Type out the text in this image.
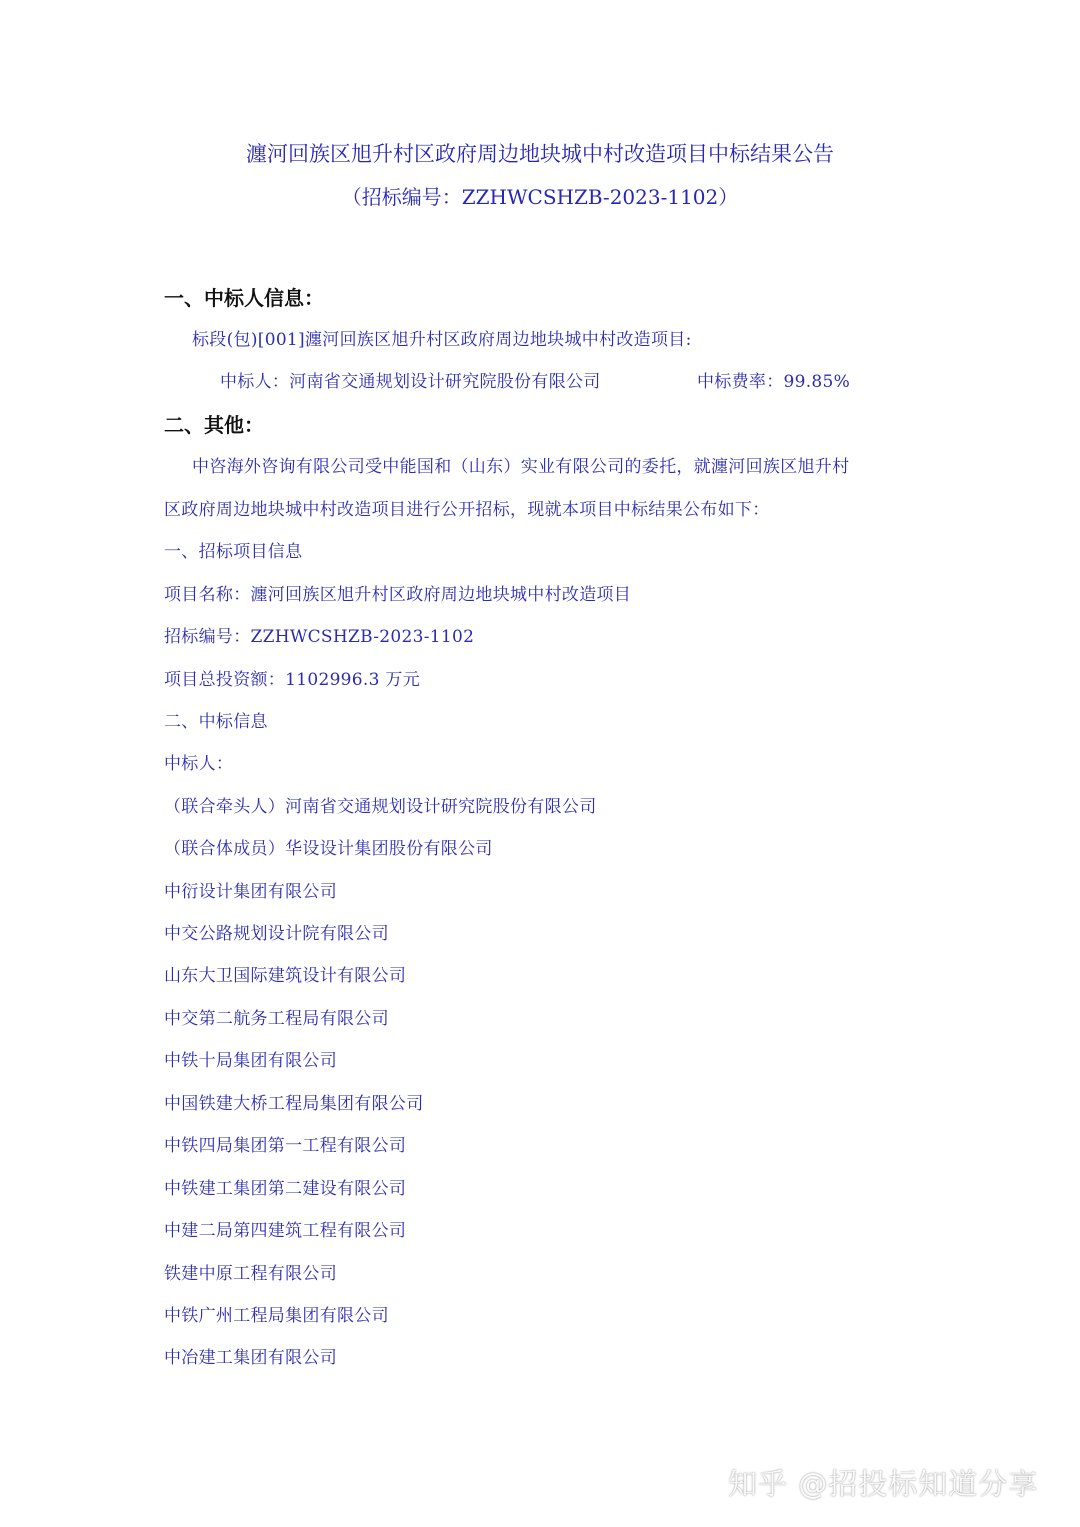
瀍河回族区旭升村区政府周边地块城中村改造项目中标结果公告
（招标编号：ZZHWCSHZB-2023-1102）
一、中标人信息：
标段(包)[001]瀍河回族区旭升村区政府周边地块城中村改造项目:
中标人：河南省交通规划设计研究院股份有限公司	中标费率：99.85%
二、其他：
中咨海外咨询有限公司受中能国和（山东）实业有限公司的委托，就瀍河回族区旭升村
区政府周边地块城中村改造项目进行公开招标，现就本项目中标结果公布如下：
一、招标项目信息
项目名称：瀍河回族区旭升村区政府周边地块城中村改造项目
招标编号：ZZHWCSHZB-2023-1102
项目总投资额：1102996.3 万元
二、中标信息
中标人：
（联合牵头人）河南省交通规划设计研究院股份有限公司
（联合体成员）华设设计集团股份有限公司
中衍设计集团有限公司
中交公路规划设计院有限公司
山东大卫国际建筑设计有限公司
中交第二航务工程局有限公司
中铁十局集团有限公司
中国铁建大桥工程局集团有限公司
中铁四局集团第一工程有限公司
中铁建工集团第二建设有限公司
中建二局第四建筑工程有限公司
铁建中原工程有限公司
中铁广州工程局集团有限公司
中冶建工集团有限公司
知乎 @招投标知道分享
